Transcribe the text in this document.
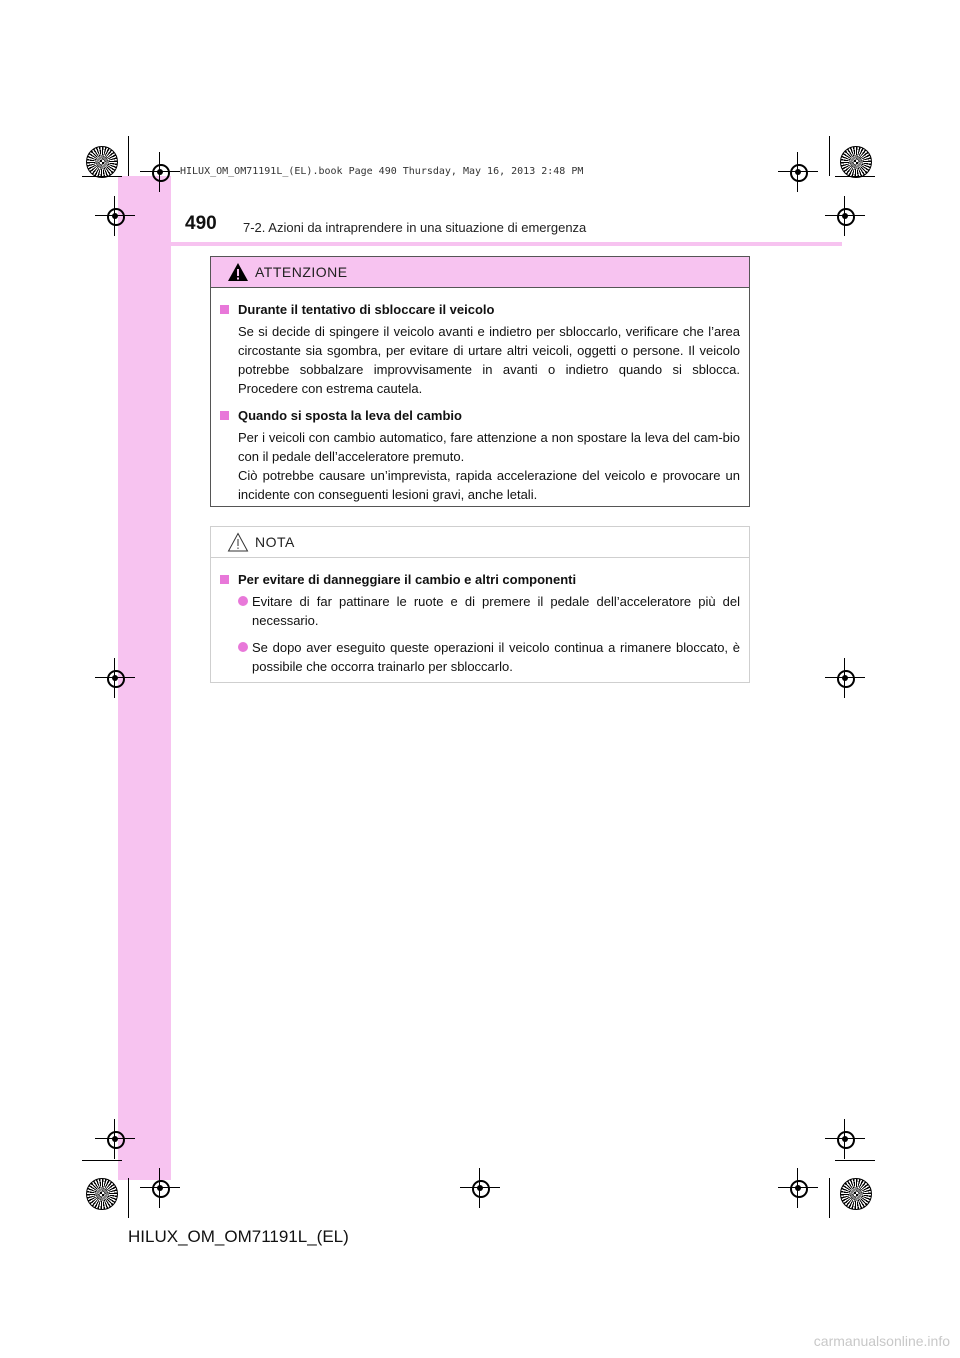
HILUX_OM_OM71191L_(EL).book Page 490 Thursday, May 16, 2013 2:48 PM
490 7-2. Azioni da intraprendere in una situazione di emergenza
ATTENZIONE
Durante il tentativo di sbloccare il veicolo

Se si decide di spingere il veicolo avanti e indietro per sbloccarlo, verificare che l’area circostante sia sgombra, per evitare di urtare altri veicoli, oggetti o persone. Il veicolo potrebbe sobbalzare improvvisamente in avanti o indietro quando si sblocca. Procedere con estrema cautela.

Quando si sposta la leva del cambio

Per i veicoli con cambio automatico, fare attenzione a non spostare la leva del cam-bio con il pedale dell’acceleratore premuto.

Ciò potrebbe causare un’imprevista, rapida accelerazione del veicolo e provocare un incidente con conseguenti lesioni gravi, anche letali.

NOTA
Per evitare di danneggiare il cambio e altri componenti
Evitare di far pattinare le ruote e di premere il pedale dell’acceleratore più del necessario.
Se dopo aver eseguito queste operazioni il veicolo continua a rimanere bloccato, è possibile che occorra trainarlo per sbloccarlo.
HILUX_OM_OM71191L_(EL)
carmanualsonline.info
